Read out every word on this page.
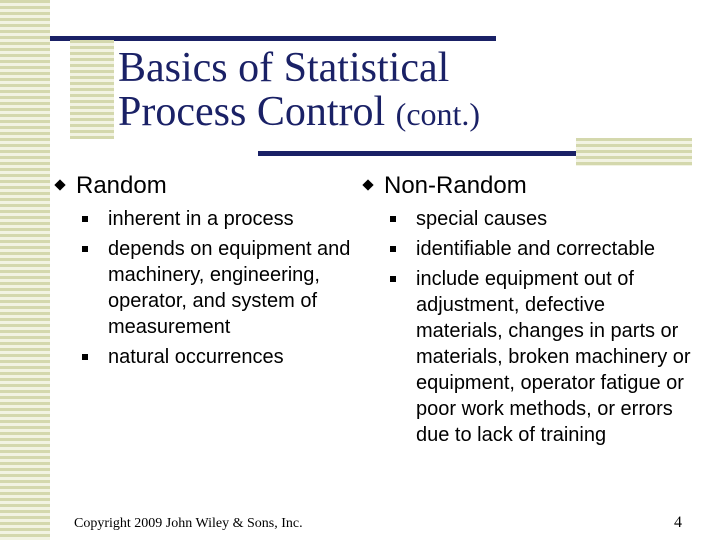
Basics of Statistical
Process Control (cont.)
Random
inherent in a process
depends on equipment and machinery, engineering, operator, and system of measurement
natural occurrences
Non-Random
special causes
identifiable and correctable
include equipment out of adjustment, defective materials, changes in parts or materials, broken machinery or equipment, operator fatigue or poor work methods, or errors due to lack of training
Copyright 2009 John Wiley & Sons, Inc.	4
